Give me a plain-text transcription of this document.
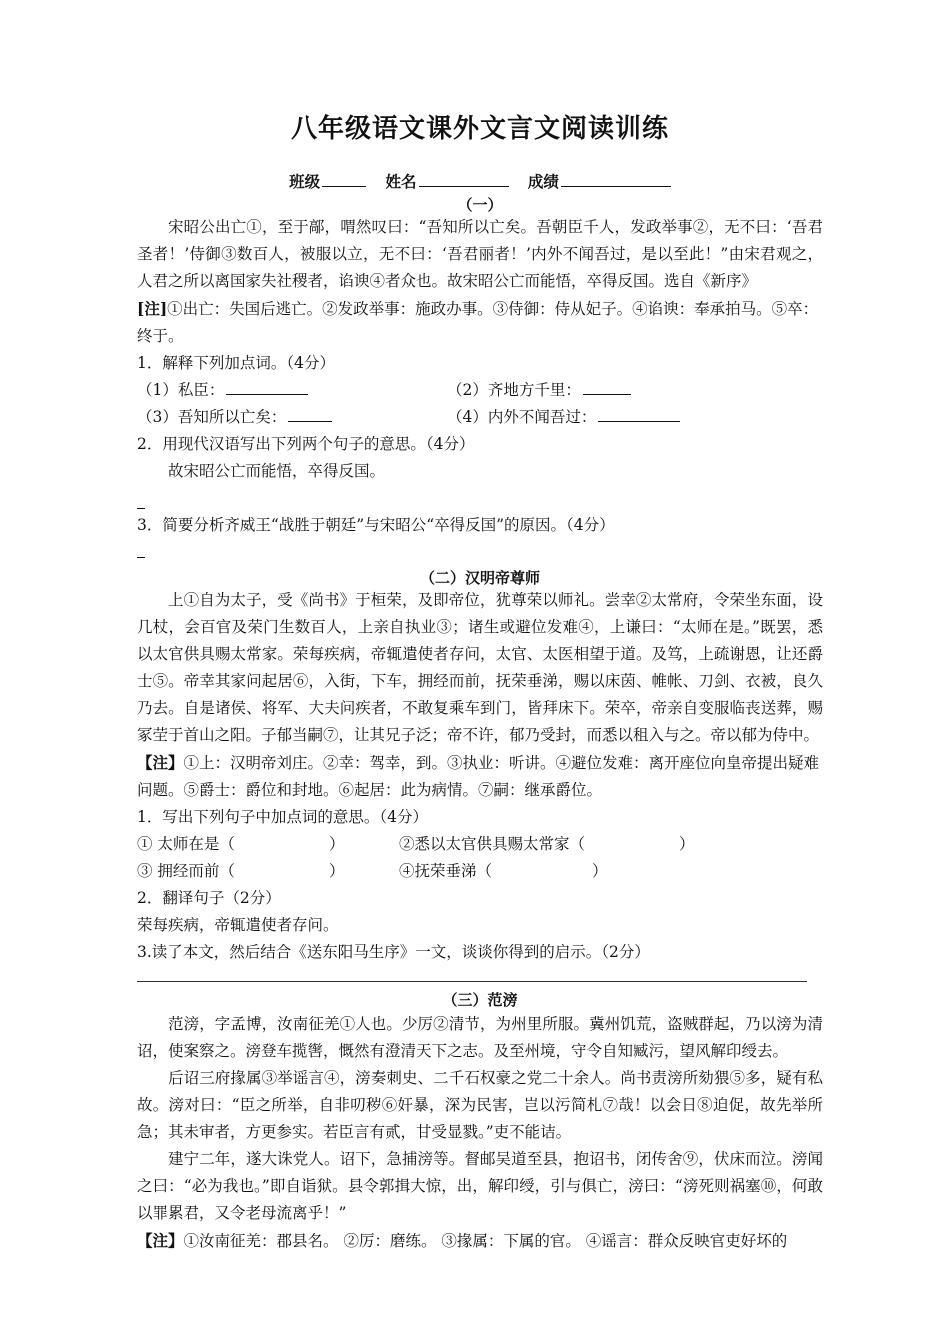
八年级语文课外文言文阅读训练
班级	姓名	成绩
（一）

宋昭公出亡①，至于鄗，喟然叹曰：“吾知所以亡矣。吾朝臣千人，发政举事②，无不曰：‘吾君圣者！’侍御③数百人，被服以立，无不曰：‘吾君丽者！’内外不闻吾过，是以至此！”由宋君观之，人君之所以离国家失社稷者，谄谀④者众也。故宋昭公亡而能悟，卒得反国。选自《新序》

[注]①出亡：失国后逃亡。②发政举事：施政办事。③侍御：侍从妃子。④谄谀：奉承拍马。⑤卒：终于。

1．解释下列加点词。（4分）

（1）私臣：	（2）齐地方千里：
（3）吾知所以亡矣：	（4）内外不闻吾过：

2．用现代汉语写出下列两个句子的意思。（4分）

故宋昭公亡而能悟，卒得反国。

3．简要分析齐威王“战胜于朝廷”与宋昭公“卒得反国”的原因。（4分）

（二）汉明帝尊师

上①自为太子，受《尚书》于桓荣，及即帝位，犹尊荣以师礼。尝幸②太常府，令荣坐东面，设几杖，会百官及荣门生数百人，上亲自执业③；诸生或避位发难④，上谦曰：“太师在是。”既罢，悉以太官供具赐太常家。荣每疾病，帝辄遣使者存问，太官、太医相望于道。及笃，上疏谢恩，让还爵士⑤。帝幸其家问起居⑥，入街，下车，拥经而前，抚荣垂涕，赐以床茵、帷帐、刀剑、衣被，良久乃去。自是诸侯、将军、大夫问疾者，不敢复乘车到门，皆拜床下。荣卒，帝亲自变服临丧送葬，赐冢茔于首山之阳。子郁当嗣⑦，让其兄子泛；帝不许，郁乃受封，而悉以租入与之。帝以郁为侍中。

【注】①上：汉明帝刘庄。②幸：驾幸，到。③执业：听讲。④避位发难：离开座位向皇帝提出疑难问题。⑤爵士：爵位和封地。⑥起居：此为病情。⑦嗣：继承爵位。

1．写出下列句子中加点词的意思。（4分）

① 太师在是（	）	②悉以太官供具赐太常家（	）
③ 拥经而前（	）	④抚荣垂涕（	）

2．翻译句子（2分）

荣每疾病，帝辄遣使者存问。

3.读了本文，然后结合《送东阳马生序》一文，谈谈你得到的启示。（2分）

（三）范滂

范滂，字孟博，汝南征羌①人也。少厉②清节，为州里所服。冀州饥荒，盗贼群起，乃以滂为清诏，使案察之。滂登车揽辔，慨然有澄清天下之志。及至州境，守令自知臧污，望风解印绶去。

后诏三府掾属③举谣言④，滂奏刺史、二千石权豪之党二十余人。尚书责滂所劾猥⑤多，疑有私故。滂对曰：“臣之所举，自非叨秽⑥奸暴，深为民害，岂以污简札⑦哉！以会日⑧迫促，故先举所急；其未审者，方更参实。若臣言有贰，甘受显戮。”吏不能诘。

建宁二年，遂大诛党人。诏下，急捕滂等。督邮吴道至县，抱诏书，闭传舍⑨，伏床而泣。滂闻之曰：“必为我也。”即自诣狱。县令郭揖大惊，出，解印绶，引与俱亡，滂曰：“滂死则祸塞⑩，何敢以罪累君，又令老母流离乎！”

【注】①汝南征羌：郡县名。 ②厉：磨练。 ③掾属：下属的官。 ④谣言：群众反映官吏好坏的
